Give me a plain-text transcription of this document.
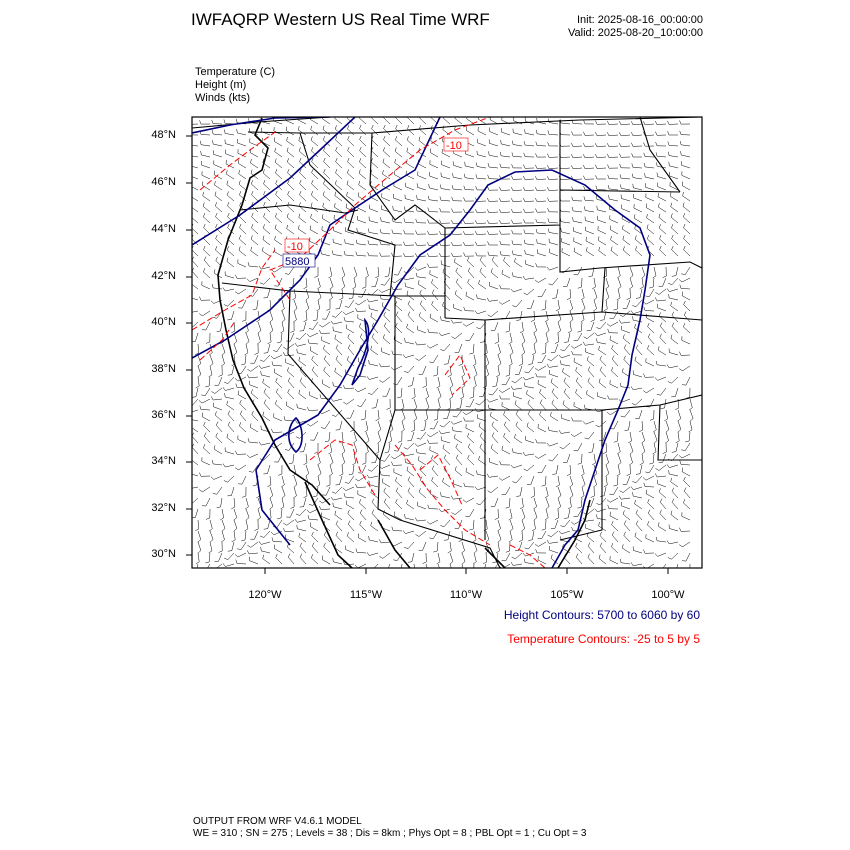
IWFAQRP Western US Real Time WRF	Init: 2025-08-16_00:00:00
Valid: 2025-08-20_10:00:00
Temperature (C)
Height (m)
Winds (kts)
5880
-10
-10
48°N
46°N
44°N
42°N
40°N
38°N
36°N
34°N
32°N
30°N
120°W	115°W	110°W	105°W	100°W
Height Contours: 5700 to 6060 by 60
Temperature Contours: -25 to 5 by 5
OUTPUT FROM WRF V4.6.1 MODEL
WE = 310 ; SN = 275 ; Levels = 38 ; Dis = 8km ; Phys Opt = 8 ; PBL Opt = 1 ; Cu Opt = 3
